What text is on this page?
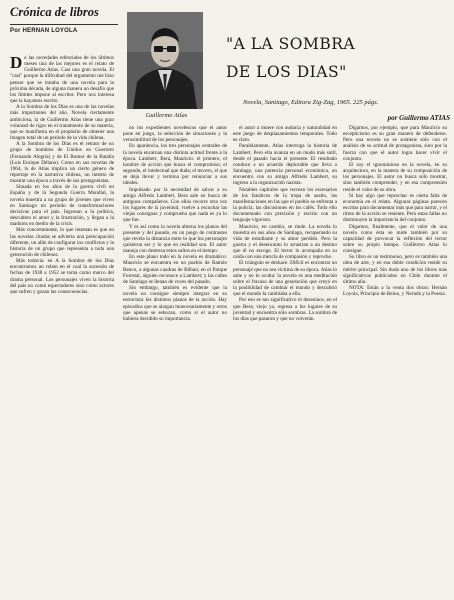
Crónica de libros
Por HERNAN LOYOLA
Guillermo Atías
"A LA SOMBRA
DE LOS DIAS"
Novela, Santiago, Editora Zig-Zag, 1965. 225 págs.
por Guillermo ATIAS

De las novedades editoriales de los últimos meses una de las mejores es el relato de Guillermo Atías. Casi una gran novela. El "casi" porque la dificultad del argumento me hizo pensar que se trataba de una novela para la próxima década, de alguna manera un desafío que los límites impone al escritor. Pero nos interesa que la hayamos escrito.

A la Sombra de los Días es una de las novelas más importantes del año. Novela ciertamente ambiciosa, la de Guillermo Atías tiene una gran voluntad de rigor en el tratamiento de su materia, que se manifiesta en el propósito de obtener una imagen total de un período de la vida chilena.

A la Sombra de los Días es el retrato de un grupo de hombres de Unidos en Guerrero (Fernando Alegría) y de El Rumor de la Batalla (Luis Enrique Délano). Como en sus novelas de 1964, la de Atías implica un cierto género de reportaje en la narrativa chilena, un intento de mostrar una época a través de sus protagonistas.

Situada en los años de la guerra civil en España y de la Segunda Guerra Mundial, la novela muestra a un grupo de jóvenes que viven en Santiago un período de transformaciones decisivas para el país. Ingresan a la política, descubren el amor y la frustración, y llegan a la madurez en medio de la crisis.

Más concretamente, lo que intentan es que en las novelas citadas se advierta una preocupación diferente, un afán de configurar los conflictos y la historia de un grupo que representa a toda una generación de chilenos.

Más todavía: en A la Sombra de los Días encontramos un relato en el cual la sucesión de fechas de 1938 a 1952 se toma como marco del drama personal. Los personajes viven la historia del país no como espectadores sino como actores que sufren y gozan las consecuencias.

no los expedientes novelescos que el autor pone en juego, la selección de situaciones y la verosimilitud de los personajes.

En apariencia, los tres personajes centrales de la novela encarnan una distinta actitud frente a la época. Lambert, Bera, Mauricio: el primero, el hombre de acción que busca el compromiso; el segundo, el intelectual que duda; el tercero, el que se deja llevar y termina por renunciar a sus ideales.

Impulsado por la necesidad de salvar a su amigo Alfredo Lambert, Bera sale en busca de antiguos compañeros. Con ellos recorre otra vez los lugares de la juventud, vuelve a escuchar las viejas consignas y comprueba que nada es ya lo que fue.

Y es así como la novela alterna los planos del presente y del pasado, en un juego de contrastes que revela la distancia entre lo que los personajes quisieron ser y lo que en realidad son. El autor maneja con destreza estos saltos en el tiempo.

En este plano todo en la novela es dramático: Mauricio se encuentra en un pueblo de Ramón Renco, a algunas cuadras de Bilbao; en el Parque Forestal, alguien reconoce a Lambert; y las calles de Santiago se llenan de voces del pasado.

Sin embargo, también es evidente que la novela no consigue siempre integrar en su estructura los distintos planos de la acción. Hay episodios que se alargan innecesariamente y otros que apenas se esbozan, como si el autor no hubiera decidido su importancia.

el autor a muere con audacia y naturalidad en este juego de desplazamientos temporales. Todo es claro.

Paralelamente, Atías interroga la historia de Lambert. Pero ella avanza en un modo más sutil, desde el pasado hacia el presente. El resultado conduce a un acuerdo deplorable que lleva a Santiago, una potencia personal económica, un encuentro con su amigo Alfredo Lambert, su ingreso a la organización nazista.

Notables capítulos que recrean los escenarios de los fanáticos de la tropa de asalto, las manifestaciones en las que el pueblo se enfrenta a la policía, las discusiones en los cafés. Todo ello documentado con precisión y escrito con un lenguaje vigoroso.

Mauricio, en cambio, se rinde. La novela lo muestra en sus años de Santiago, recuperando su vida de estudiante y su amor perdido. Pero la guerra y el desencanto lo arrastran a un destino que él no escoge. El lector lo acompaña en su caída con una mezcla de compasión y reproche.

El triángulo se deshace. Difícil es encontrar un personaje que no sea víctima de su época. Atías lo sabe y no lo oculta: la novela es una meditación sobre el fracaso de una generación que creyó en la posibilidad de cambiar el mundo y descubrió que el mundo la cambiaba a ella.

Por eso es tan significativo el desenlace, en el que Bera, viejo ya, regresa a los lugares de su juventud y encuentra sólo sombras. La sombra de los días que pasaron y que no volverán.

Digamos, por ejemplo, que para Mauricio su escepticismo es su gran manera de defenderse. Pero una novela no se sostiene sólo con el análisis de su actitud de protagonista, sino por la fuerza con que el autor logra hacer vivir el conjunto.

El soy el ignominioso en la novela, en su arquitectura, en la manera de su composición de los personajes. El autor no busca sólo mostrar, sino también comprender, y en esa comprensión reside el valor de su obra.

Si hay algo que reprochar es cierta falta de economía en el relato. Algunas páginas parecen escritas para documentar más que para narrar, y el ritmo de la acción se resiente. Pero estas fallas no disminuyen la importancia del conjunto.

Digamos, finalmente, que el valor de una novela como ésta se mide también por su capacidad de provocar la reflexión del lector sobre su propio tiempo. Guillermo Atías lo consigue.

Su libro es un testimonio, pero es también una obra de arte, y en esa doble condición reside su mérito principal. Sin duda uno de los libros más significativos publicados en Chile durante el último año.

NOTA: Están a la venta dos obras: Hernán Loyola, Principio de Reino, y Neruda y la Poesía.
